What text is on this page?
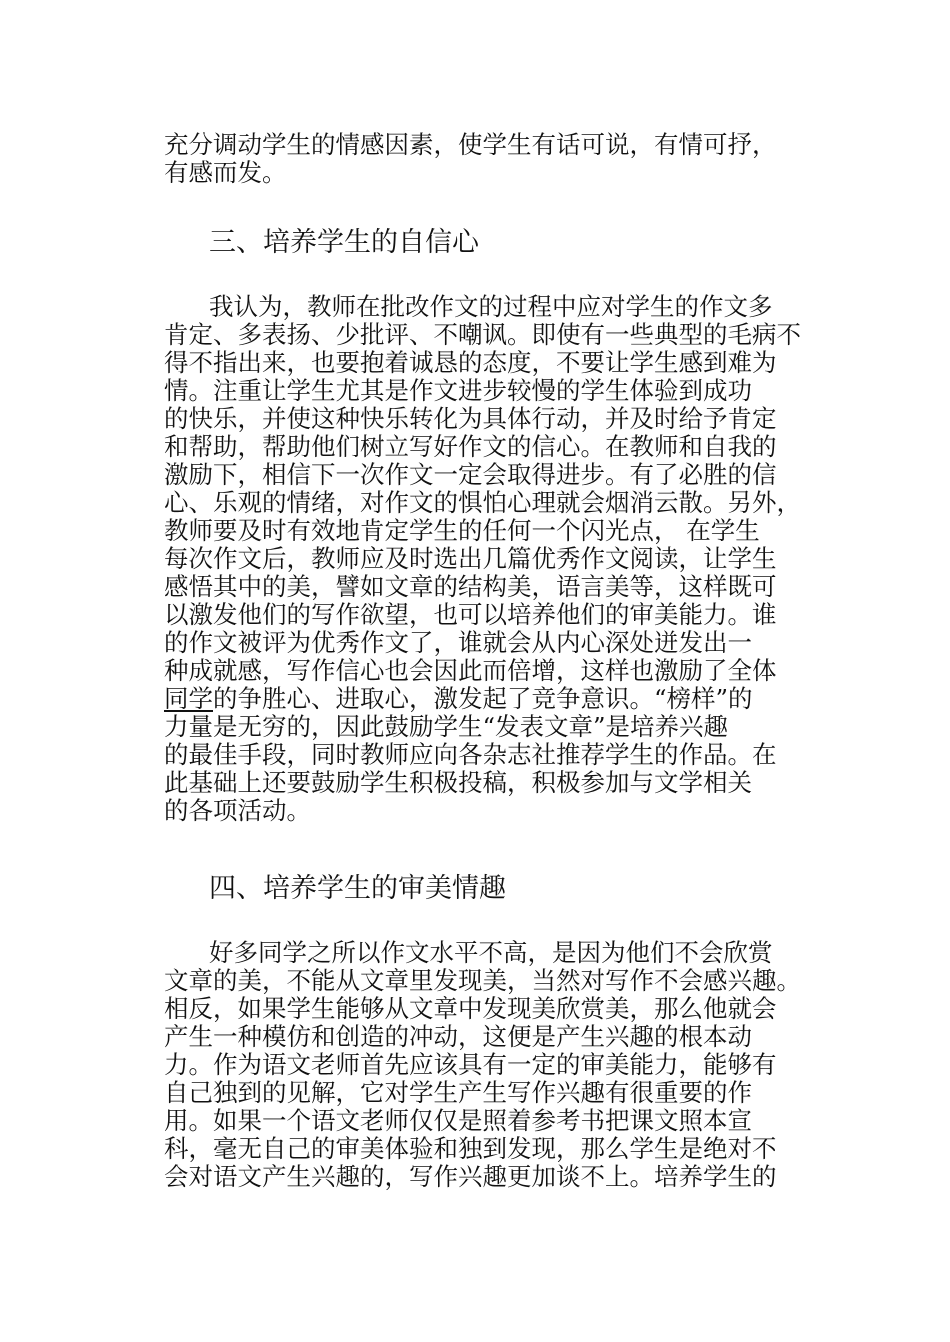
充分调动学生的情感因素，使学生有话可说，有情可抒，
有感而发。
三、培养学生的自信心
我认为，教师在批改作文的过程中应对学生的作文多
肯定、多表扬、少批评、不嘲讽。即使有一些典型的毛病不
得不指出来，也要抱着诚恳的态度，不要让学生感到难为
情。注重让学生尤其是作文进步较慢的学生体验到成功
的快乐，并使这种快乐转化为具体行动，并及时给予肯定
和帮助，帮助他们树立写好作文的信心。在教师和自我的
激励下，相信下一次作文一定会取得进步。有了必胜的信
心、乐观的情绪，对作文的惧怕心理就会烟消云散。另外，
教师要及时有效地肯定学生的任何一个闪光点， 在学生
每次作文后，教师应及时选出几篇优秀作文阅读，让学生
感悟其中的美，譬如文章的结构美，语言美等，这样既可
以激发他们的写作欲望，也可以培养他们的审美能力。谁
的作文被评为优秀作文了，谁就会从内心深处迸发出一
种成就感，写作信心也会因此而倍增，这样也激励了全体
同学的争胜心、进取心，激发起了竞争意识。“榜样”的
力量是无穷的，因此鼓励学生“发表文章”是培养兴趣
的最佳手段，同时教师应向各杂志社推荐学生的作品。在
此基础上还要鼓励学生积极投稿，积极参加与文学相关
的各项活动。
四、培养学生的审美情趣
好多同学之所以作文水平不高，是因为他们不会欣赏
文章的美，不能从文章里发现美，当然对写作不会感兴趣。
相反，如果学生能够从文章中发现美欣赏美，那么他就会
产生一种模仿和创造的冲动，这便是产生兴趣的根本动
力。作为语文老师首先应该具有一定的审美能力，能够有
自己独到的见解，它对学生产生写作兴趣有很重要的作
用。如果一个语文老师仅仅是照着参考书把课文照本宣
科，毫无自己的审美体验和独到发现，那么学生是绝对不
会对语文产生兴趣的，写作兴趣更加谈不上。培养学生的
